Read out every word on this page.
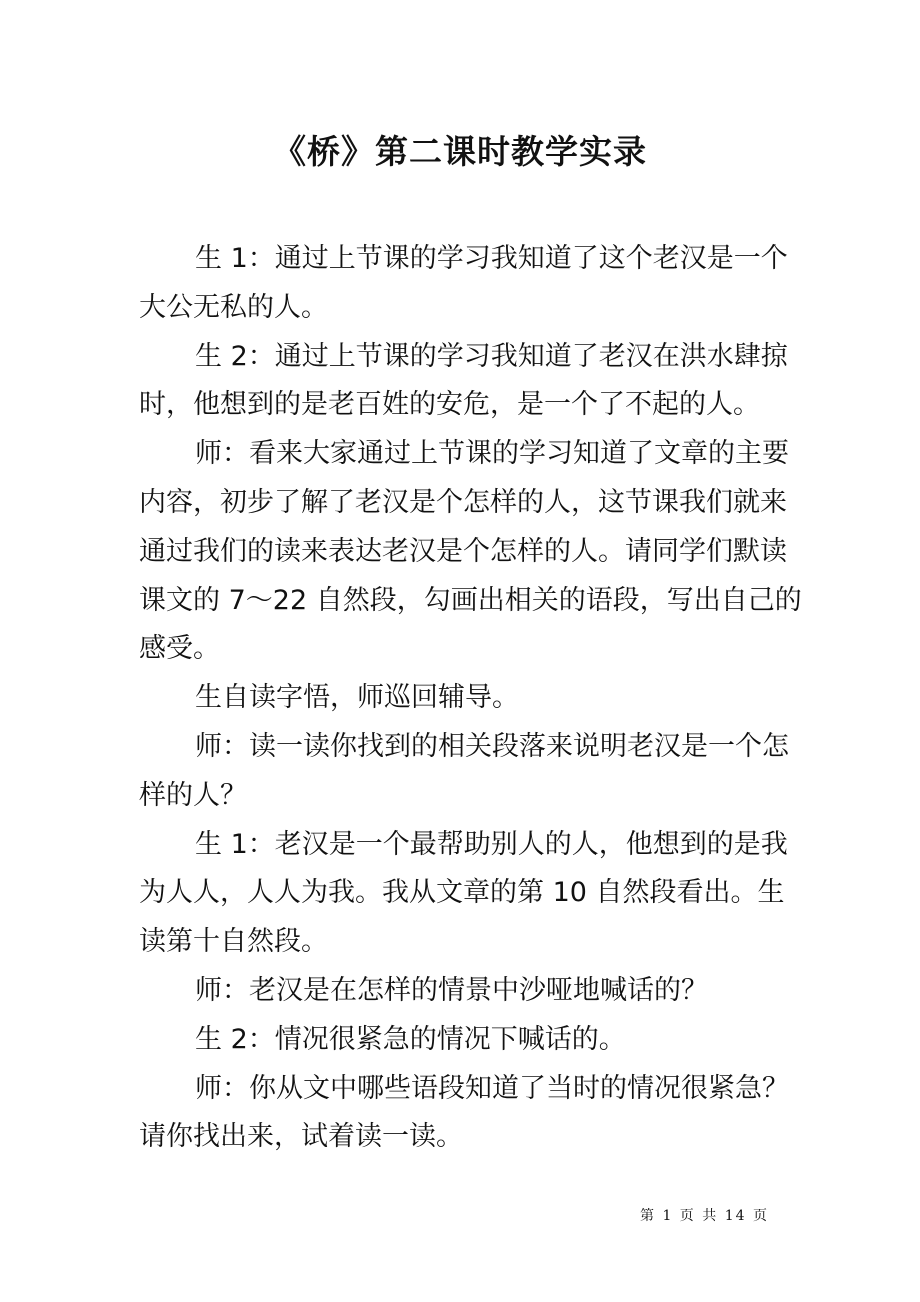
《桥》第二课时教学实录

生 1：通过上节课的学习我知道了这个老汉是一个大公无私的人。

生 2：通过上节课的学习我知道了老汉在洪水肆掠时，他想到的是老百姓的安危，是一个了不起的人。

师：看来大家通过上节课的学习知道了文章的主要内容，初步了解了老汉是个怎样的人，这节课我们就来通过我们的读来表达老汉是个怎样的人。请同学们默读课文的 7～22 自然段，勾画出相关的语段，写出自己的感受。

生自读字悟，师巡回辅导。

师：读一读你找到的相关段落来说明老汉是一个怎样的人？

生 1：老汉是一个最帮助别人的人，他想到的是我为人人，人人为我。我从文章的第 10 自然段看出。生读第十自然段。

师：老汉是在怎样的情景中沙哑地喊话的？

生 2：情况很紧急的情况下喊话的。

师：你从文中哪些语段知道了当时的情况很紧急？请你找出来，试着读一读。

第 1 页 共 14 页
